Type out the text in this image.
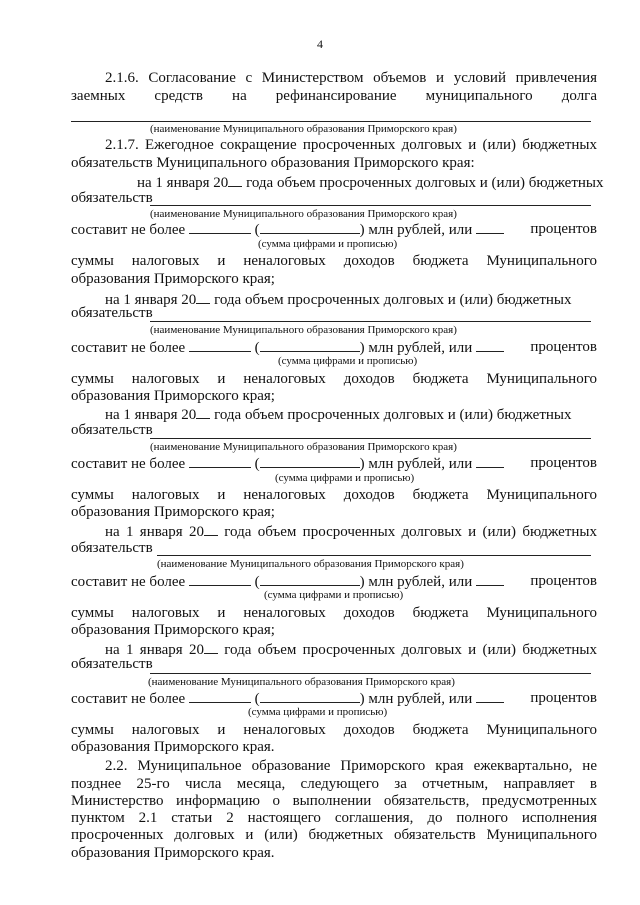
4
2.1.6. Согласование с Министерством объемов и условий привлечения
заемных средств на рефинансирование муниципального долга
(наименование Муниципального образования Приморского края)
2.1.7. Ежегодное сокращение просроченных долговых и (или) бюджетных
обязательств Муниципального образования Приморского края:
на 1 января 20 года объем просроченных долговых и (или) бюджетных
обязательств
(наименование Муниципального образования Приморского края)
составит не более	(	) млн рублей, или	процентов
(сумма цифрами и прописью)
суммы налоговых и неналоговых доходов бюджета Муниципального
образования Приморского края;
на 1 января 20 года объем просроченных долговых и (или) бюджетных
обязательств
(наименование Муниципального образования Приморского края)
составит не более	(	) млн рублей, или	процентов
(сумма цифрами и прописью)
суммы налоговых и неналоговых доходов бюджета Муниципального
образования Приморского края;
на 1 января 20 года объем просроченных долговых и (или) бюджетных
обязательств
(наименование Муниципального образования Приморского края)
составит не более	(	) млн рублей, или	процентов
(сумма цифрами и прописью)
суммы налоговых и неналоговых доходов бюджета Муниципального
образования Приморского края;
на 1 января 20 года объем просроченных долговых и (или) бюджетных
обязательств
(наименование Муниципального образования Приморского края)
составит не более	(	) млн рублей, или	процентов
(сумма цифрами и прописью)
суммы налоговых и неналоговых доходов бюджета Муниципального
образования Приморского края;
на 1 января 20 года объем просроченных долговых и (или) бюджетных
обязательств
(наименование Муниципального образования Приморского края)
составит не более	(	) млн рублей, или	процентов
(сумма цифрами и прописью)
суммы налоговых и неналоговых доходов бюджета Муниципального
образования Приморского края.
2.2. Муниципальное образование Приморского края ежеквартально, не
позднее 25-го числа месяца, следующего за отчетным, направляет в
Министерство информацию о выполнении обязательств, предусмотренных
пунктом 2.1 статьи 2 настоящего соглашения, до полного исполнения
просроченных долговых и (или) бюджетных обязательств Муниципального
образования Приморского края.
